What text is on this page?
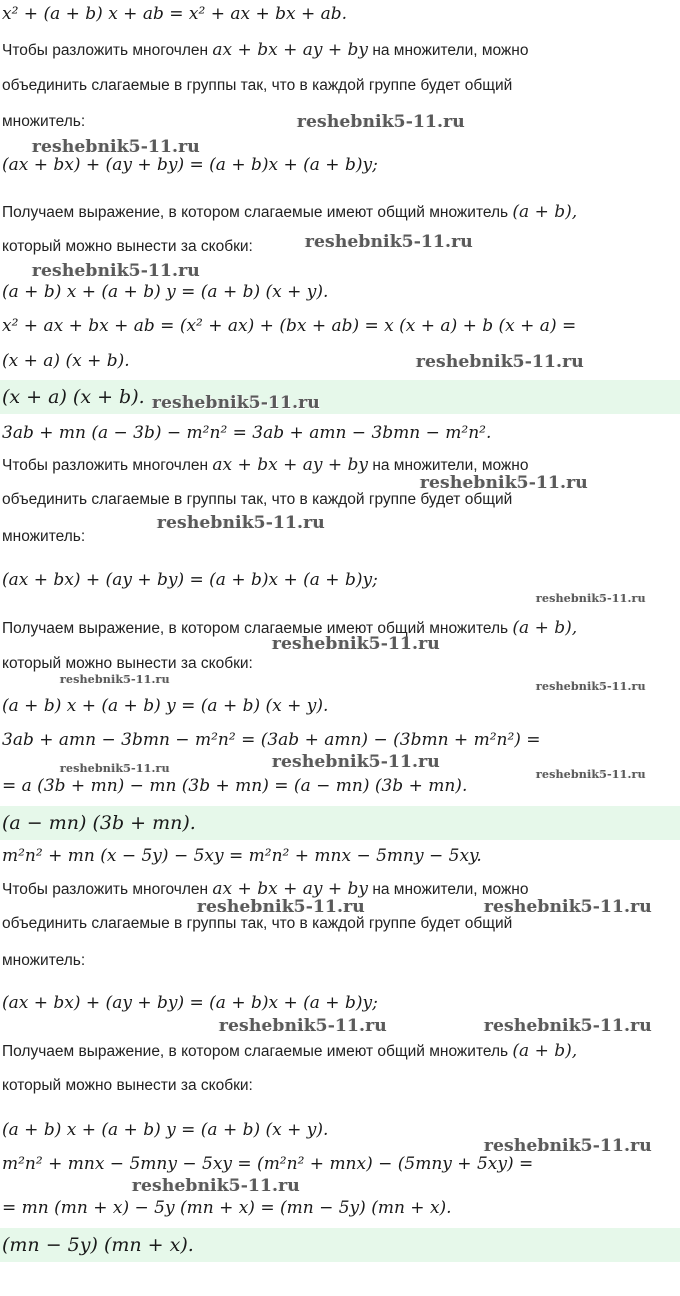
x² + (a + b) x + ab = x² + ax + bx + ab.
Чтобы разложить многочлен ax + bx + ay + by на множители, можно
объединить слагаемые в группы так, что в каждой группе будет общий
множитель:
(ax + bx) + (ay + by) = (a + b)x + (a + b)y;
Получаем выражение, в котором слагаемые имеют общий множитель (a + b),
который можно вынести за скобки:
(a + b) x + (a + b) y = (a + b) (x + y).
x² + ax + bx + ab = (x² + ax) + (bx + ab) = x (x + a) + b (x + a) =
(x + a) (x + b).
(x + a) (x + b).
3ab + mn (a − 3b) − m²n² = 3ab + amn − 3bmn − m²n².
Чтобы разложить многочлен ax + bx + ay + by на множители, можно
объединить слагаемые в группы так, что в каждой группе будет общий
множитель:
(ax + bx) + (ay + by) = (a + b)x + (a + b)y;
Получаем выражение, в котором слагаемые имеют общий множитель (a + b),
который можно вынести за скобки:
(a + b) x + (a + b) y = (a + b) (x + y).
3ab + amn − 3bmn − m²n² = (3ab + amn) − (3bmn + m²n²) =
= a (3b + mn) − mn (3b + mn) = (a − mn) (3b + mn).
(a − mn) (3b + mn).
m²n² + mn (x − 5y) − 5xy = m²n² + mnx − 5mny − 5xy.
Чтобы разложить многочлен ax + bx + ay + by на множители, можно
объединить слагаемые в группы так, что в каждой группе будет общий
множитель:
(ax + bx) + (ay + by) = (a + b)x + (a + b)y;
Получаем выражение, в котором слагаемые имеют общий множитель (a + b),
который можно вынести за скобки:
(a + b) x + (a + b) y = (a + b) (x + y).
m²n² + mnx − 5mny − 5xy = (m²n² + mnx) − (5mny + 5xy) =
= mn (mn + x) − 5y (mn + x) = (mn − 5y) (mn + x).
(mn − 5y) (mn + x).
reshebnik5-11.ru
reshebnik5-11.ru
reshebnik5-11.ru
reshebnik5-11.ru
reshebnik5-11.ru
reshebnik5-11.ru
reshebnik5-11.ru
reshebnik5-11.ru
reshebnik5-11.ru
reshebnik5-11.ru
reshebnik5-11.ru
reshebnik5-11.ru
reshebnik5-11.ru	reshebnik5-11.ru
reshebnik5-11.ru
reshebnik5-11.ru	reshebnik5-11.ru
reshebnik5-11.ru	reshebnik5-11.ru
reshebnik5-11.ru
reshebnik5-11.ru
